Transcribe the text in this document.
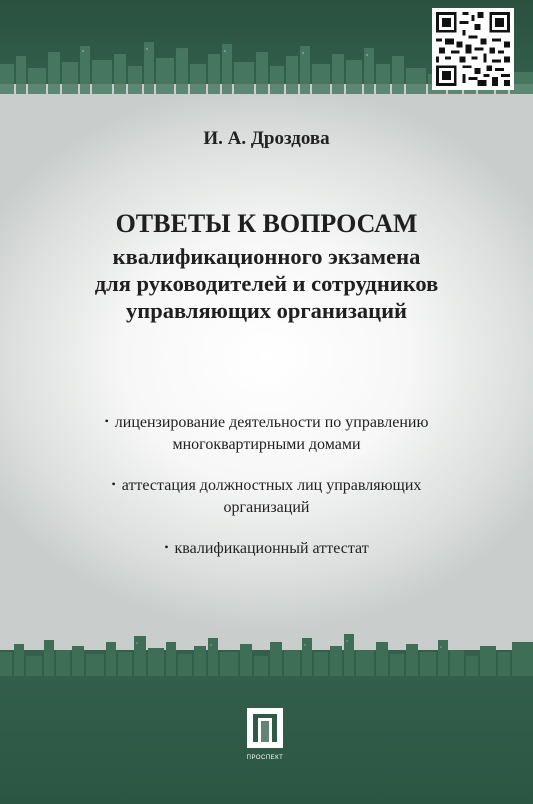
И. А. Дроздова
ОТВЕТЫ К ВОПРОСАМ
квалификационного экзамена
для руководителей и сотрудников
управляющих организаций
• лицензирование деятельности по управлению
многоквартирными домами
• аттестация должностных лиц управляющих
организаций
• квалификационный аттестат
ПРОСПЕКТ
